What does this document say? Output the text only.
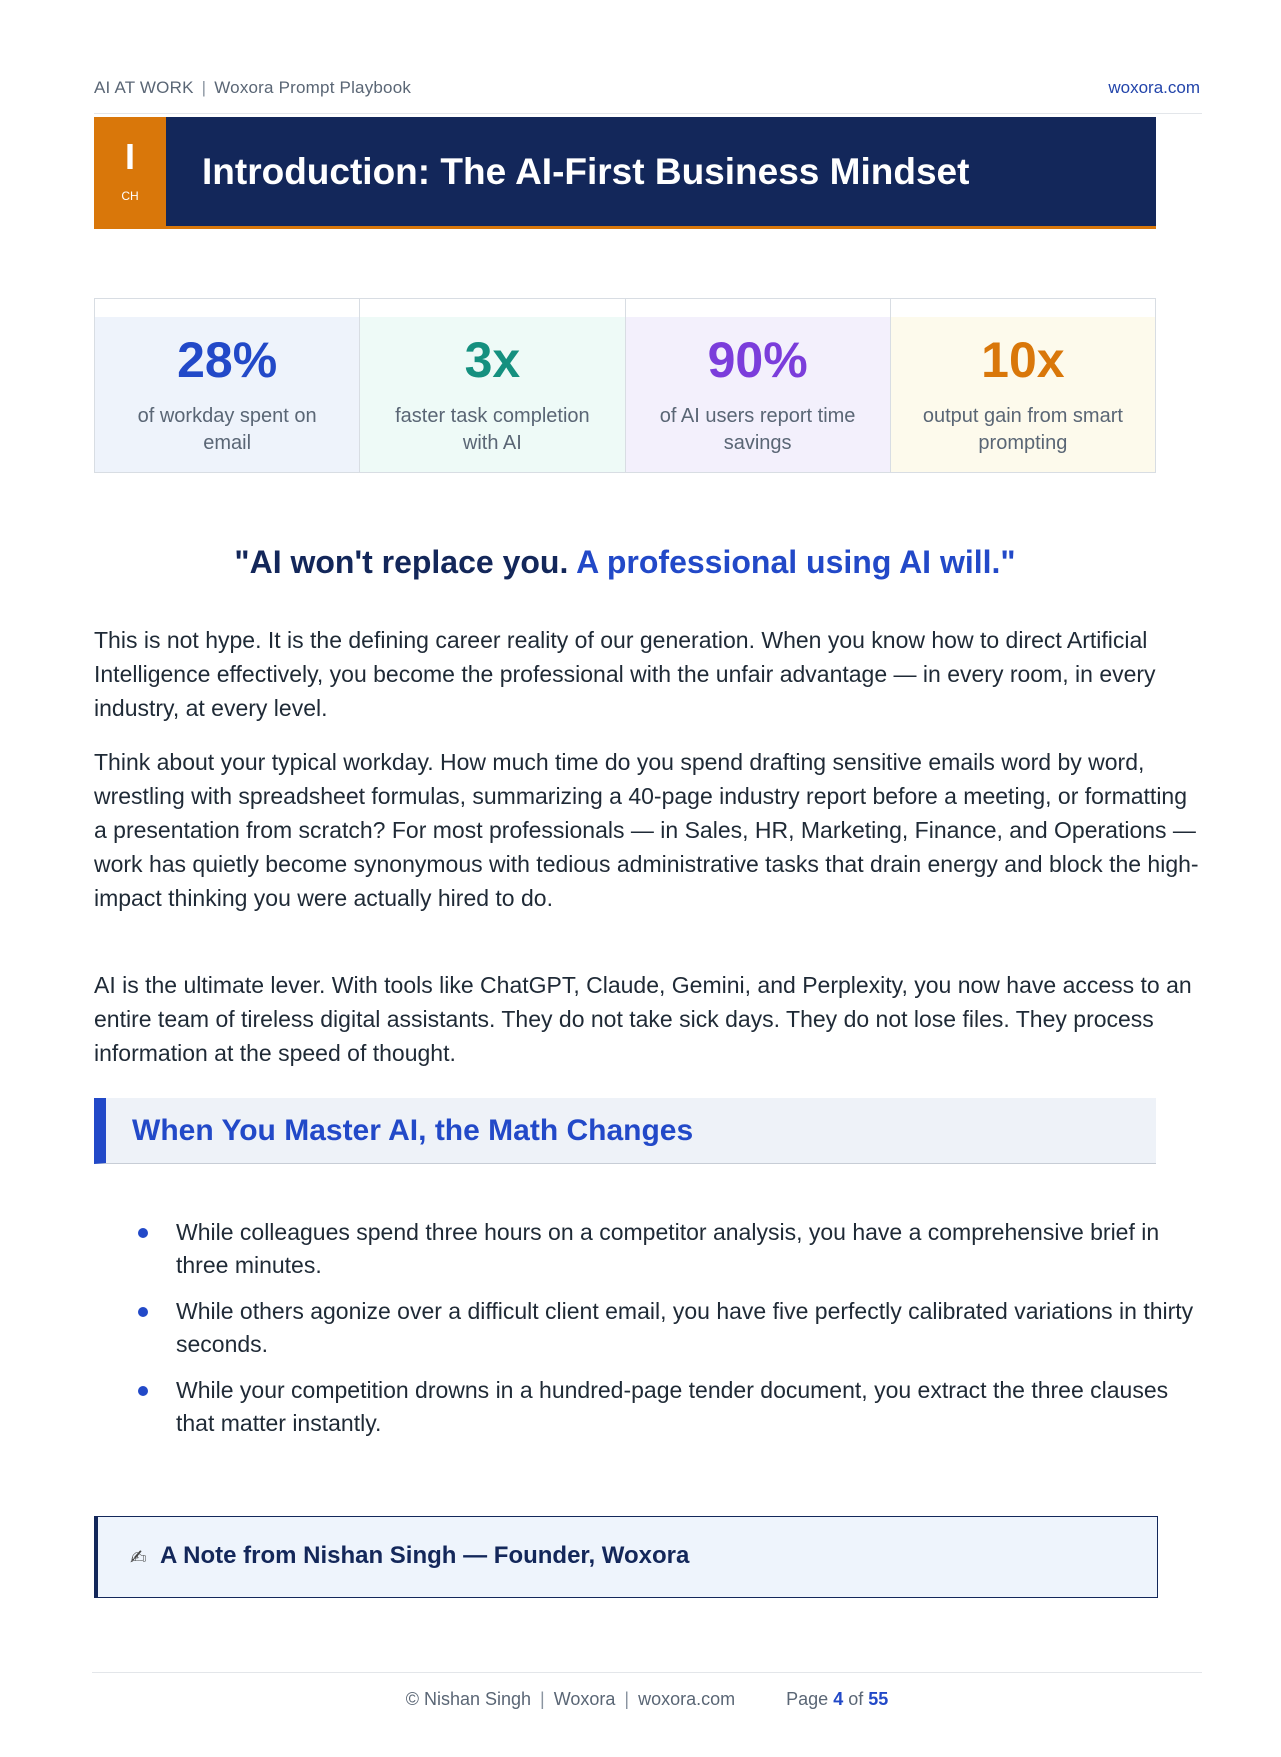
AI AT WORK | Woxora Prompt Playbook	woxora.com
I
CH
Introduction: The AI-First Business Mindset
28%
of workday spent on email
3x
faster task completion with AI
90%
of AI users report time savings
10x
output gain from smart prompting
"AI won't replace you. A professional using AI will."

This is not hype. It is the defining career reality of our generation. When you know how to direct Artificial Intelligence effectively, you become the professional with the unfair advantage — in every room, in every industry, at every level.

Think about your typical workday. How much time do you spend drafting sensitive emails word by word, wrestling with spreadsheet formulas, summarizing a 40-page industry report before a meeting, or formatting a presentation from scratch? For most professionals — in Sales, HR, Marketing, Finance, and Operations — work has quietly become synonymous with tedious administrative tasks that drain energy and block the high-impact thinking you were actually hired to do.

AI is the ultimate lever. With tools like ChatGPT, Claude, Gemini, and Perplexity, you now have access to an entire team of tireless digital assistants. They do not take sick days. They do not lose files. They process information at the speed of thought.

When You Master AI, the Math Changes
While colleagues spend three hours on a competitor analysis, you have a comprehensive brief in three minutes.
While others agonize over a difficult client email, you have five perfectly calibrated variations in thirty seconds.
While your competition drowns in a hundred-page tender document, you extract the three clauses that matter instantly.
✍ A Note from Nishan Singh — Founder, Woxora
© Nishan Singh | Woxora | woxora.com	Page 4 of 55
